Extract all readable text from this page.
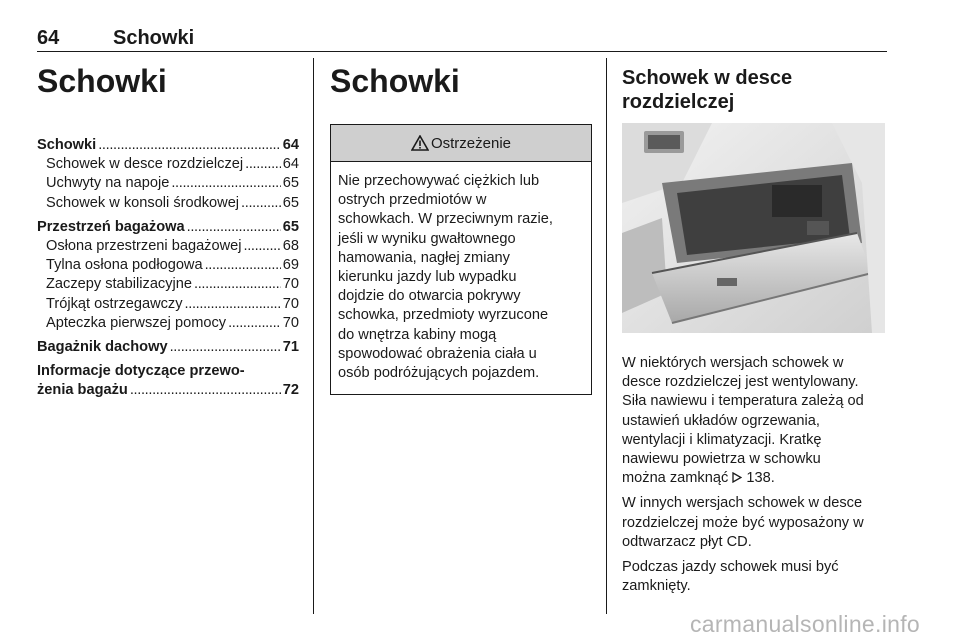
64	Schowki
Schowki
Schowki . . .	64
Schowek w desce rozdzielczej . . .	64
Uchwyty na napoje . . .	65
Schowek w konsoli środkowej . . .	65
Przestrzeń bagażowa . . .	65
Osłona przestrzeni bagażowej . . .	68
Tylna osłona podłogowa . . .	69
Zaczepy stabilizacyjne . . .	70
Trójkąt ostrzegawczy . . .	70
Apteczka pierwszej pomocy . . .	70
Bagażnik dachowy . . .	71
Informacje dotyczące przewo-
żenia bagażu . . .	72
Schowki
Ostrzeżenie
Nie przechowywać ciężkich lub
ostrych przedmiotów w
schowkach. W przeciwnym razie,
jeśli w wyniku gwałtownego
hamowania, nagłej zmiany
kierunku jazdy lub wypadku
dojdzie do otwarcia pokrywy
schowka, przedmioty wyrzucone
do wnętrza kabiny mogą
spowodować obrażenia ciała u
osób podróżujących pojazdem.
Schowek w desce
rozdzielczej

W niektórych wersjach schowek w
desce rozdzielczej jest wentylowany.
Siła nawiewu i temperatura zależą od
ustawień układów ogrzewania,
wentylacji i klimatyzacji. Kratkę
nawiewu powietrza w schowku
można zamknąć 138.

W innych wersjach schowek w desce
rozdzielczej może być wyposażony w
odtwarzacz płyt CD.

Podczas jazdy schowek musi być
zamknięty.

carmanualsonline.info
